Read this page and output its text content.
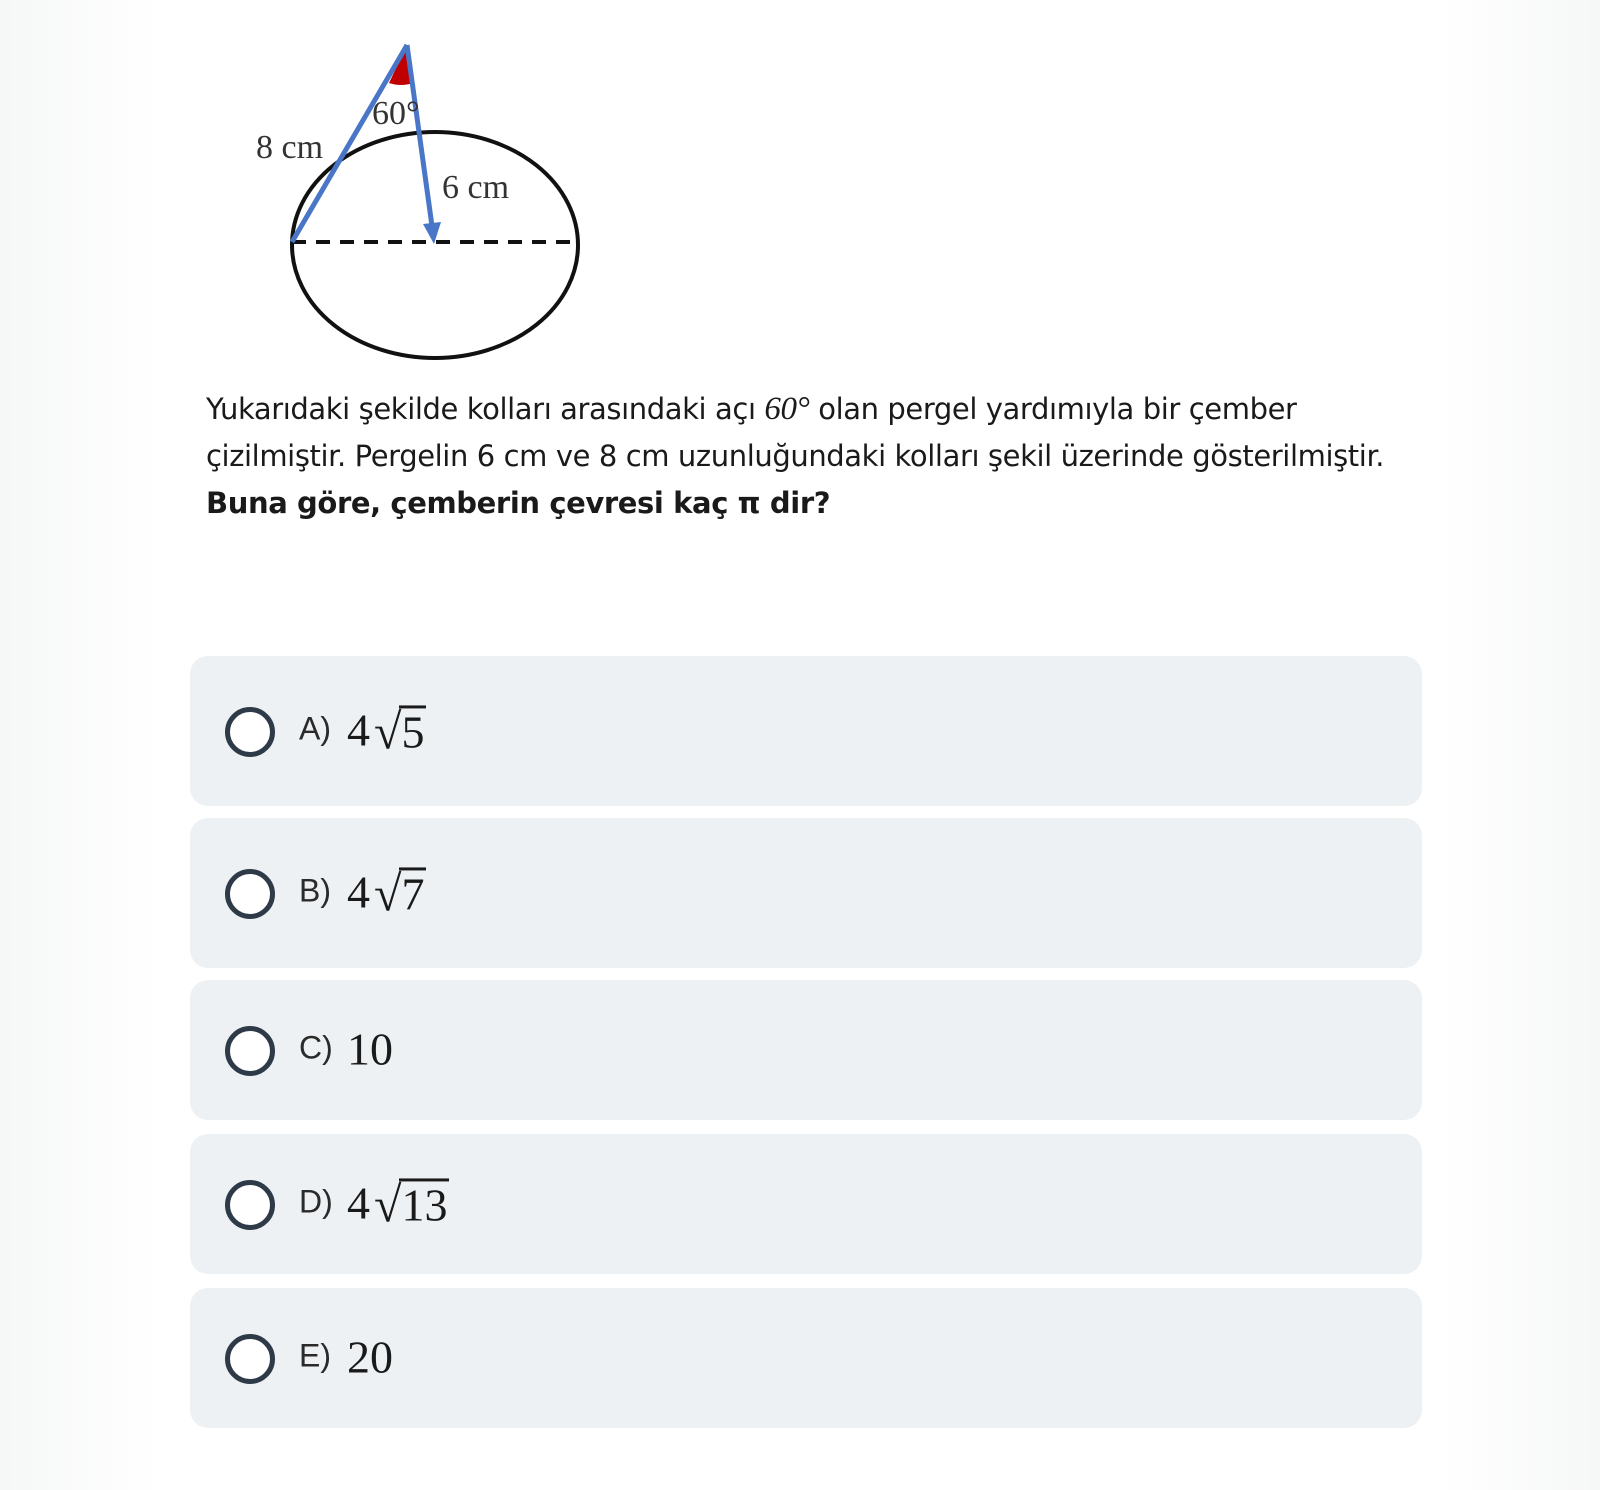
60°
8 cm
6 cm
Yukarıdaki şekilde kolları arasındaki açı 60° olan pergel yardımıyla bir çember çizilmiştir. Pergelin 6 cm ve 8 cm uzunluğundaki kolları şekil üzerinde gösterilmiştir.
Buna göre, çemberin çevresi kaç π dir?
A) 4 √ 5
B) 4 √ 7
C) 10
D) 4 √ 13
E) 20
